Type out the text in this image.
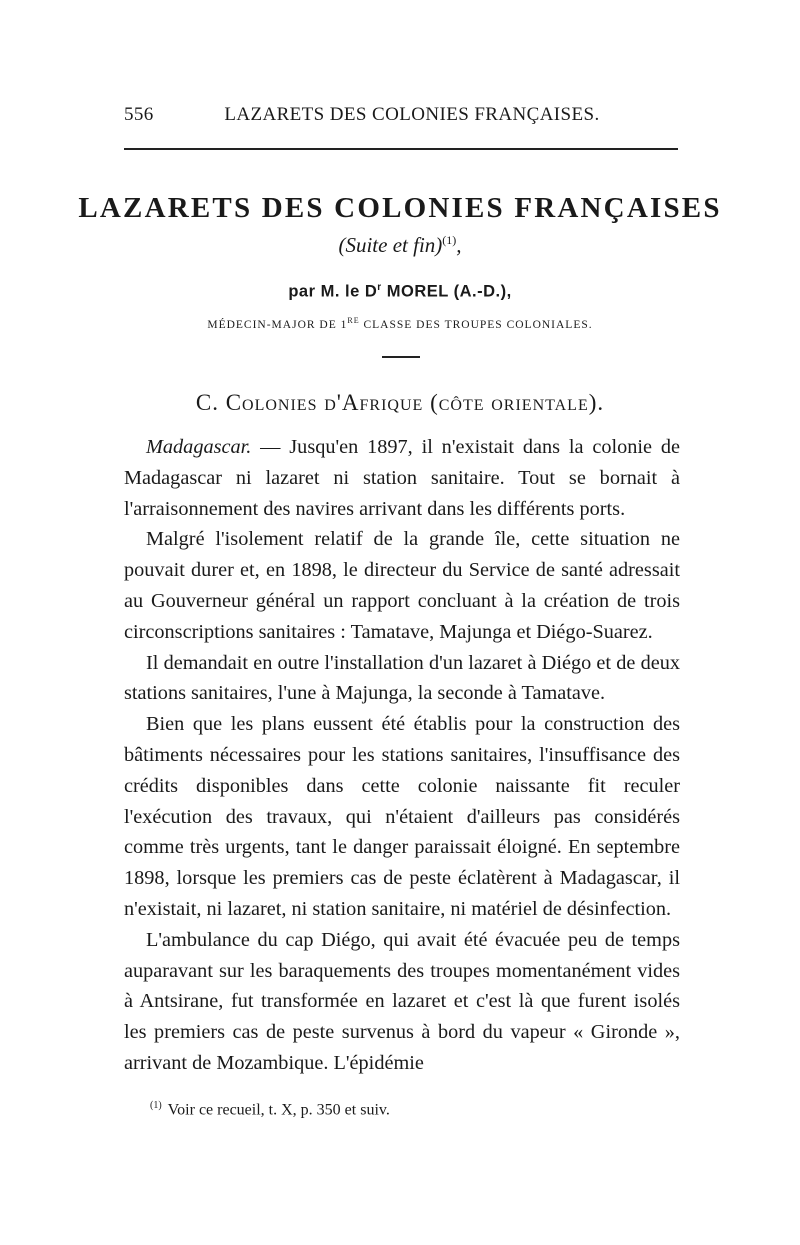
556	LAZARETS DES COLONIES FRANÇAISES.
LAZARETS DES COLONIES FRANÇAISES
(Suite et fin)$^{(1)}$,
par M. le $D^r$ MOREL (A.-D.),
MÉDECIN-MAJOR DE 1RE CLASSE DES TROUPES COLONIALES.
C. Colonies d'Afrique (côte orientale).

Madagascar. — Jusqu'en 1897, il n'existait dans la colonie de Madagascar ni lazaret ni station sanitaire. Tout se bornait à l'arraisonnement des navires arrivant dans les différents ports.

Malgré l'isolement relatif de la grande île, cette situation ne pouvait durer et, en 1898, le directeur du Service de santé adressait au Gouverneur général un rapport concluant à la création de trois circonscriptions sanitaires : Tamatave, Majunga et Diégo-Suarez.

Il demandait en outre l'installation d'un lazaret à Diégo et de deux stations sanitaires, l'une à Majunga, la seconde à Tamatave.

Bien que les plans eussent été établis pour la construction des bâtiments nécessaires pour les stations sanitaires, l'insuffisance des crédits disponibles dans cette colonie naissante fit reculer l'exécution des travaux, qui n'étaient d'ailleurs pas considérés comme très urgents, tant le danger paraissait éloigné. En septembre 1898, lorsque les premiers cas de peste éclatèrent à Madagascar, il n'existait, ni lazaret, ni station sanitaire, ni matériel de désinfection.

L'ambulance du cap Diégo, qui avait été évacuée peu de temps auparavant sur les baraquements des troupes momentanément vides à Antsirane, fut transformée en lazaret et c'est là que furent isolés les premiers cas de peste survenus à bord du vapeur « Gironde », arrivant de Mozambique. L'épidémie

$^{(1)}$ Voir ce recueil, t. X, p. 350 et suiv.
